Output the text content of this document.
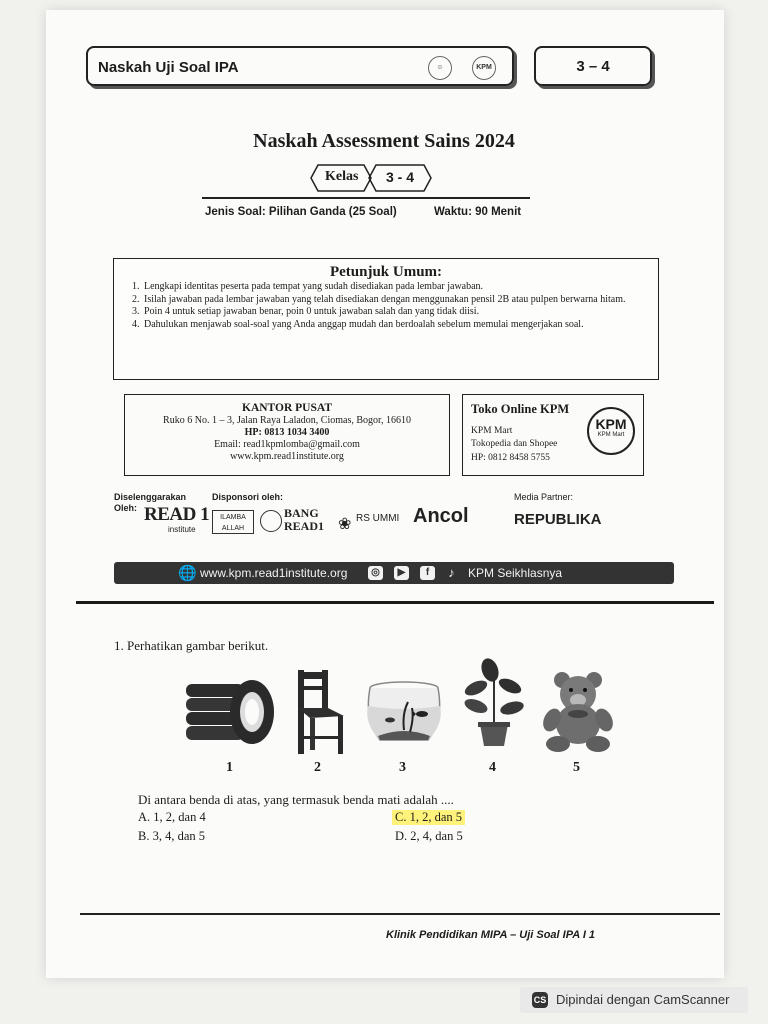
Naskah Uji Soal IPA	☺	KPM	3 – 4
Naskah Assessment Sains 2024
Kelas 3 - 4
Jenis Soal: Pilihan Ganda (25 Soal)	Waktu: 90 Menit
Petunjuk Umum:
1. Lengkapi identitas peserta pada tempat yang sudah disediakan pada lembar jawaban.
2. Isilah jawaban pada lembar jawaban yang telah disediakan dengan menggunakan pensil 2B atau pulpen berwarna hitam.
3. Poin 4 untuk setiap jawaban benar, poin 0 untuk jawaban salah dan yang tidak diisi.
4. Dahulukan menjawab soal-soal yang Anda anggap mudah dan berdoalah sebelum memulai mengerjakan soal.
KANTOR PUSAT
Ruko 6 No. 1 – 3, Jalan Raya Laladon, Ciomas, Bogor, 16610
HP: 0813 1034 3400
Email: read1kpmlomba@gmail.com
www.kpm.read1institute.org
Toko Online KPM
KPM Mart
Tokopedia dan Shopee
HP: 0812 8458 5755
KPM
KPM Mart
Diselenggarakan Oleh: READ 1
institute
Disponsori oleh:
ILAMBA ALLAH
BANG READ1 ❀ RS UMMI Ancol
Media Partner:
REPUBLIKA
🌐 www.kpm.read1institute.org	◎	▶	f	♪	KPM Seikhlasnya
1. Perhatikan gambar berikut.
1	2	3	4	5
Di antara benda di atas, yang termasuk benda mati adalah ....
A. 1, 2, dan 4
B. 3, 4, dan 5
C. 1, 2, dan 5
D. 2, 4, dan 5
Klinik Pendidikan MIPA – Uji Soal IPA I 1
CS Dipindai dengan CamScanner
